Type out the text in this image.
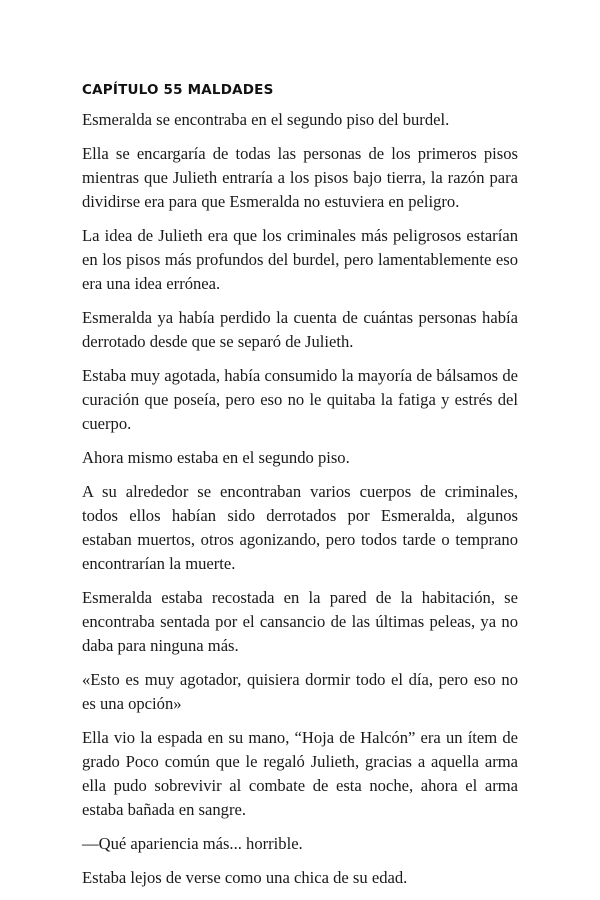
CAPÍTULO 55 MALDADES

Esmeralda se encontraba en el segundo piso del burdel.

Ella se encargaría de todas las personas de los primeros pisos mientras que Julieth entraría a los pisos bajo tierra, la razón para dividirse era para que Esmeralda no estuviera en peligro.

La idea de Julieth era que los criminales más peligrosos estarían en los pisos más profundos del burdel, pero lamentablemente eso era una idea errónea.

Esmeralda ya había perdido la cuenta de cuántas personas había derrotado desde que se separó de Julieth.

Estaba muy agotada, había consumido la mayoría de bálsamos de curación que poseía, pero eso no le quitaba la fatiga y estrés del cuerpo.

Ahora mismo estaba en el segundo piso.

A su alrededor se encontraban varios cuerpos de criminales, todos ellos habían sido derrotados por Esmeralda, algunos estaban muertos, otros agonizando, pero todos tarde o temprano encontrarían la muerte.

Esmeralda estaba recostada en la pared de la habitación, se encontraba sentada por el cansancio de las últimas peleas, ya no daba para ninguna más.

«Esto es muy agotador, quisiera dormir todo el día, pero eso no es una opción»

Ella vio la espada en su mano, “Hoja de Halcón” era un ítem de grado Poco común que le regaló Julieth, gracias a aquella arma ella pudo sobrevivir al combate de esta noche, ahora el arma estaba bañada en sangre.

—Qué apariencia más... horrible.

Estaba lejos de verse como una chica de su edad.
